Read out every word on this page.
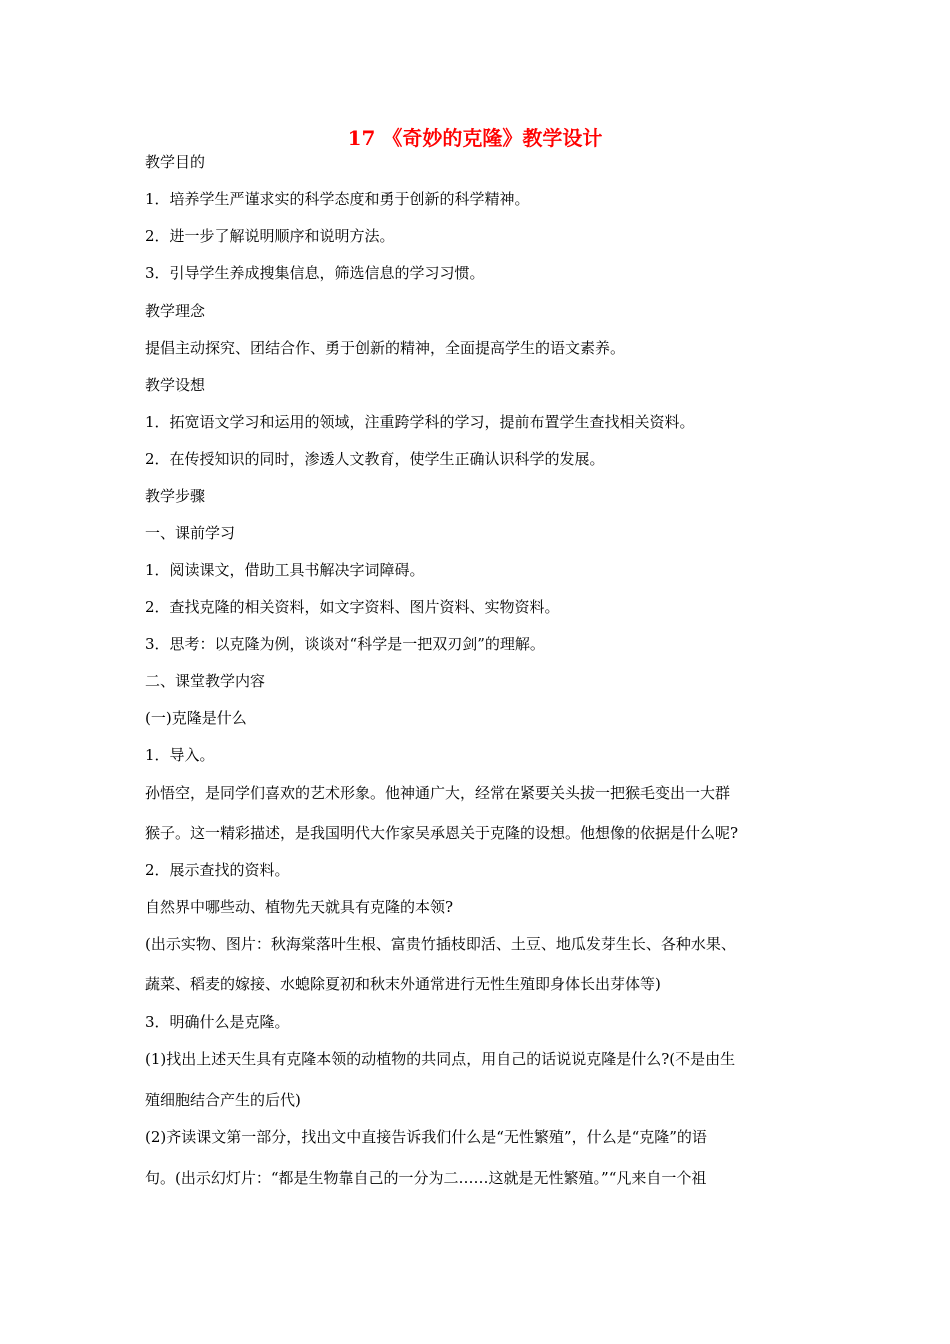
17 《奇妙的克隆》教学设计
教学目的
1．培养学生严谨求实的科学态度和勇于创新的科学精神。
2．进一步了解说明顺序和说明方法。
3．引导学生养成搜集信息，筛选信息的学习习惯。
教学理念
提倡主动探究、团结合作、勇于创新的精神，全面提高学生的语文素养。
教学设想
1．拓宽语文学习和运用的领域，注重跨学科的学习，提前布置学生查找相关资料。
2．在传授知识的同时，渗透人文教育，使学生正确认识科学的发展。
教学步骤
一、课前学习
1．阅读课文，借助工具书解决字词障碍。
2．查找克隆的相关资料，如文字资料、图片资料、实物资料。
3．思考：以克隆为例，谈谈对“科学是一把双刃剑”的理解。
二、课堂教学内容
(一)克隆是什么
1．导入。
孙悟空，是同学们喜欢的艺术形象。他神通广大，经常在紧要关头拔一把猴毛变出一大群
猴子。这一精彩描述，是我国明代大作家吴承恩关于克隆的设想。他想像的依据是什么呢?
2．展示查找的资料。
自然界中哪些动、植物先天就具有克隆的本领?
(出示实物、图片：秋海棠落叶生根、富贵竹插枝即活、土豆、地瓜发芽生长、各种水果、
蔬菜、稻麦的嫁接、水螅除夏初和秋末外通常进行无性生殖即身体长出芽体等)
3．明确什么是克隆。
(1)找出上述天生具有克隆本领的动植物的共同点，用自己的话说说克隆是什么?(不是由生
殖细胞结合产生的后代)
(2)齐读课文第一部分，找出文中直接告诉我们什么是“无性繁殖”，什么是“克隆”的语
句。(出示幻灯片：“都是生物靠自己的一分为二……这就是无性繁殖。”“凡来自一个祖
